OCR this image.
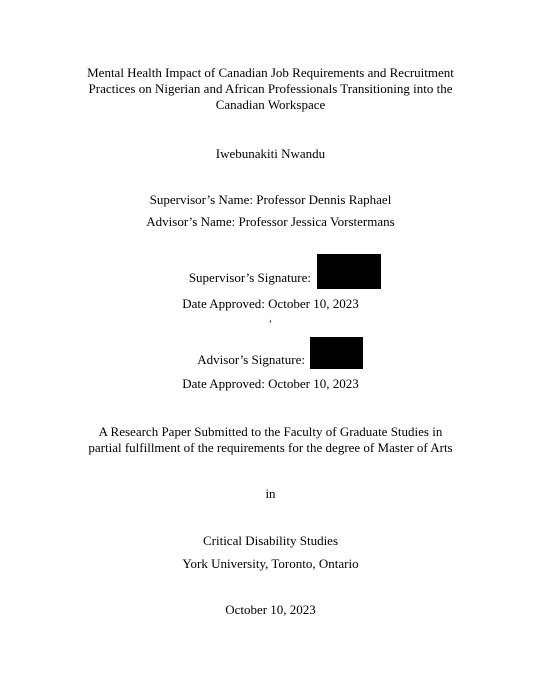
Mental Health Impact of Canadian Job Requirements and Recruitment
Practices on Nigerian and African Professionals Transitioning into the
Canadian Workspace
Iwebunakiti Nwandu
Supervisor’s Name: Professor Dennis Raphael
Advisor’s Name: Professor Jessica Vorstermans
Supervisor’s Signature:
Date Approved: October 10, 2023
‘
Advisor’s Signature:
Date Approved: October 10, 2023
A Research Paper Submitted to the Faculty of Graduate Studies in
partial fulfillment of the requirements for the degree of Master of Arts
in
Critical Disability Studies
York University, Toronto, Ontario
October 10, 2023
